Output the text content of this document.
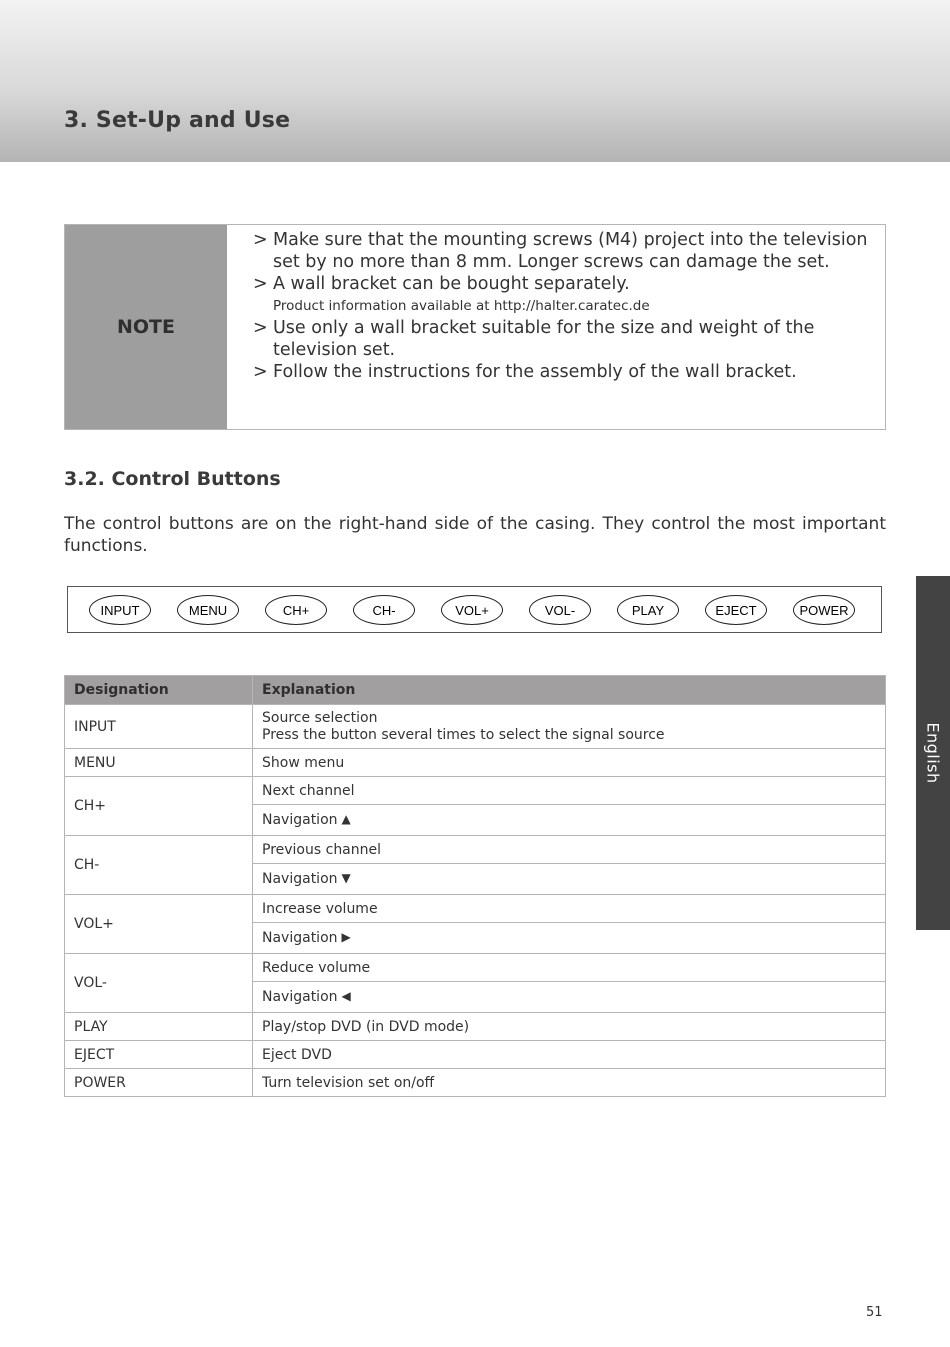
3. Set-Up and Use
NOTE
> Make sure that the mounting screws (M4) project into the television set by no more than 8 mm. Longer screws can damage the set.
> A wall bracket can be bought separately.
Product information available at http://halter.caratec.de
> Use only a wall bracket suitable for the size and weight of the television set.
> Follow the instructions for the assembly of the wall bracket.
3.2. Control Buttons

The control buttons are on the right-hand side of the casing. They control the most important functions.

INPUT	MENU	CH+	CH-	VOL+	VOL-	PLAY	EJECT	POWER
Designation	Explanation
INPUT	Source selection
Press the button several times to select the signal source

MENU	Show menu
CH+	Next channel
	Navigation ▲
CH-	Previous channel
	Navigation ▼
VOL+	Increase volume
	Navigation ▶
VOL-	Reduce volume
	Navigation ◀
PLAY	Play/stop DVD (in DVD mode)
EJECT	Eject DVD
POWER	Turn television set on/off
English
51
